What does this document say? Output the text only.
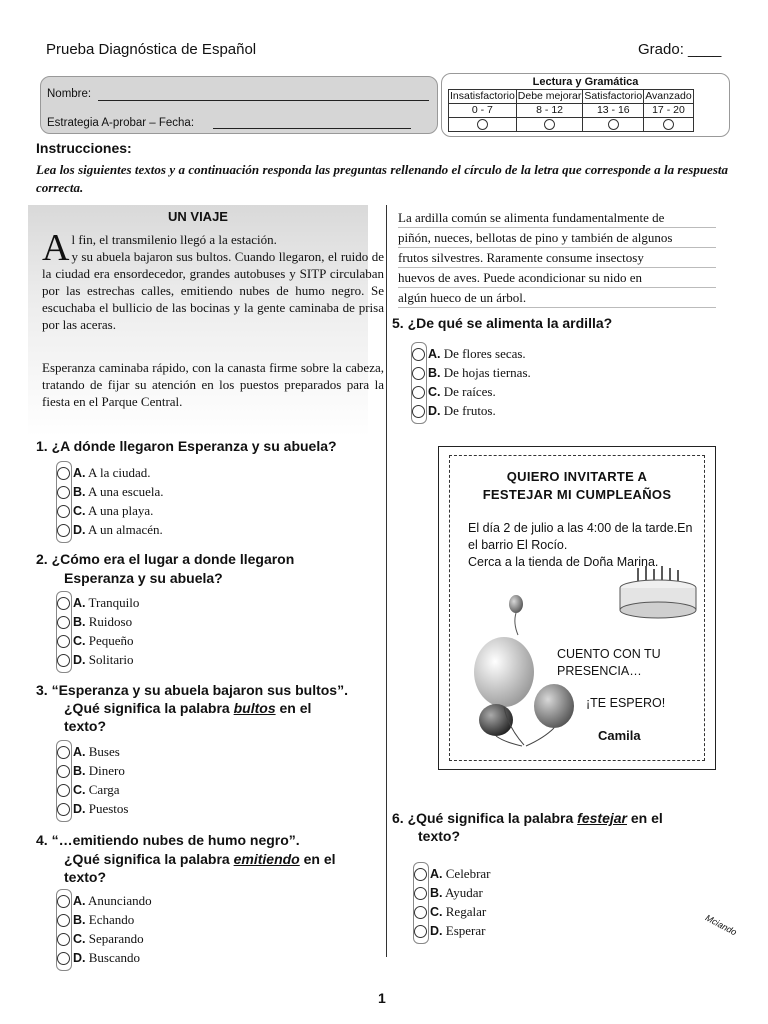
Prueba Diagnóstica de Español	Grado: ____
Nombre:
Estrategia A-probar – Fecha:
Lectura y Gramática
Insatisfactorio	Debe mejorar	Satisfactorio	Avanzado
0 - 7	8 - 12	13 - 16	17 - 20

Instrucciones:
Lea los siguientes textos y a continuación responda las preguntas rellenando el círculo de la letra que corresponde a la respuesta correcta.
UN VIAJE
A l fin, el transmilenio llegó a la estación.
y su abuela bajaron sus bultos. Cuando llegaron, el ruido de la ciudad era ensordecedor, grandes autobuses y SITP circulaban por las estrechas calles, emitiendo nubes de humo negro. Se escuchaba el bullicio de las bocinas y la gente caminaba de prisa por las aceras.
Esperanza caminaba rápido, con la canasta firme sobre la cabeza, tratando de fijar su atención en los puestos preparados para la fiesta en el Parque Central.
1. ¿A dónde llegaron Esperanza y su abuela?
A. A la ciudad.
B. A una escuela.
C. A una playa.
D. A un almacén.
2. ¿Cómo era el lugar a donde llegaron
Esperanza y su abuela?
A. Tranquilo
B. Ruidoso
C. Pequeño
D. Solitario
3. “Esperanza y su abuela bajaron sus bultos”.
¿Qué significa la palabra bultos en el
texto?
A. Buses
B. Dinero
C. Carga
D. Puestos
4. “…emitiendo nubes de humo negro”.
¿Qué significa la palabra emitiendo en el
texto?
A. Anunciando
B. Echando
C. Separando
D. Buscando
La ardilla común se alimenta fundamentalmente de
piñón, nueces, bellotas de pino y también de algunos
frutos silvestres. Raramente consume insectosy
huevos de aves. Puede acondicionar su nido en
algún hueco de un árbol.
5. ¿De qué se alimenta la ardilla?
A. De flores secas.
B. De hojas tiernas.
C. De raíces.
D. De frutos.
QUIERO INVITARTE A
FESTEJAR MI CUMPLEAÑOS
El día 2 de julio a las 4:00 de la tarde.En
el barrio El Rocío.
Cerca a la tienda de Doña Marina.
CUENTO CON TU
PRESENCIA…
¡TE ESPERO!
Camila
6. ¿Qué significa la palabra festejar en el
texto?
A. Celebrar
B. Ayudar
C. Regalar
D. Esperar	Mciando
1
